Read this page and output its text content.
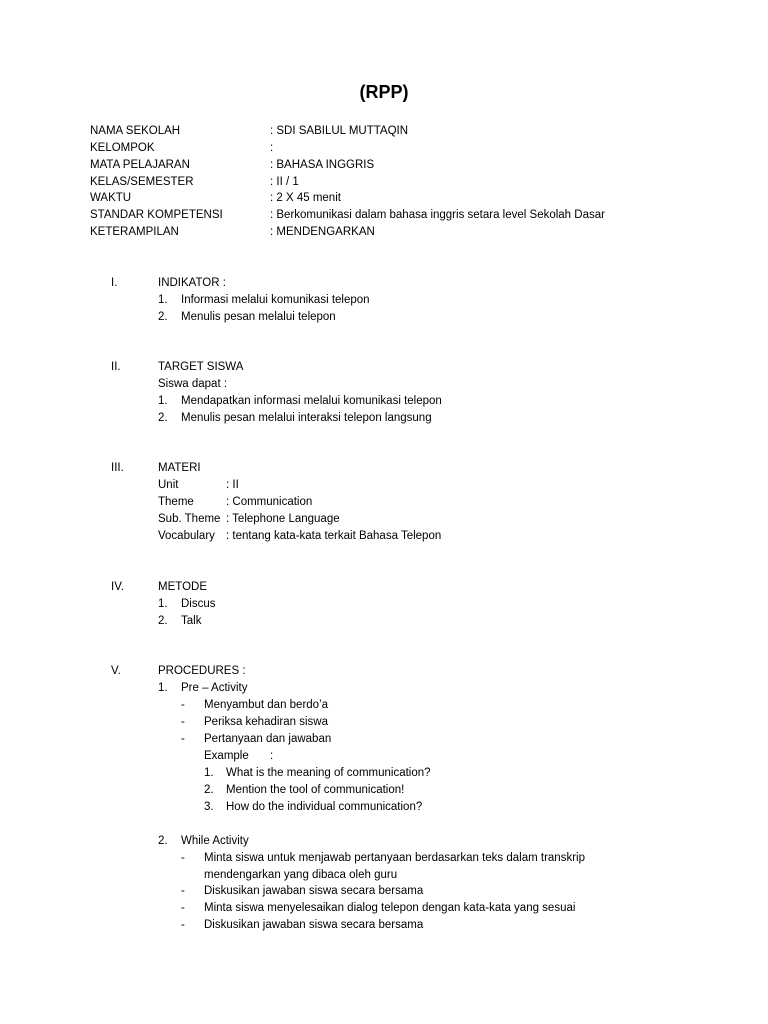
(RPP)
NAMA SEKOLAH	: SDI SABILUL MUTTAQIN
KELOMPOK	:
MATA PELAJARAN	: BAHASA INGGRIS
KELAS/SEMESTER	: II / 1
WAKTU	: 2 X 45 menit
STANDAR KOMPETENSI	: Berkomunikasi dalam bahasa inggris setara level Sekolah Dasar
KETERAMPILAN	: MENDENGARKAN
I.	INDIKATOR :
1. Informasi melalui komunikasi telepon
2. Menulis pesan melalui telepon
II.	TARGET SISWA
Siswa dapat :
1. Mendapatkan informasi melalui komunikasi telepon
2. Menulis pesan melalui interaksi telepon langsung
III.	MATERI
Unit	: II
Theme	: Communication
Sub. Theme : Telephone Language
Vocabulary : tentang kata-kata terkait Bahasa Telepon
IV.	METODE
1. Discus
2. Talk
V.	PROCEDURES :
1. Pre – Activity
- Menyambut dan berdo’a
- Periksa kehadiran siswa
- Pertanyaan dan jawaban
Example :
1. What is the meaning of communication?
2. Mention the tool of communication!
3. How do the individual communication?
2. While Activity
- Minta siswa untuk menjawab pertanyaan berdasarkan teks dalam transkrip
mendengarkan yang dibaca oleh guru
- Diskusikan jawaban siswa secara bersama
- Minta siswa menyelesaikan dialog telepon dengan kata-kata yang sesuai
- Diskusikan jawaban siswa secara bersama
